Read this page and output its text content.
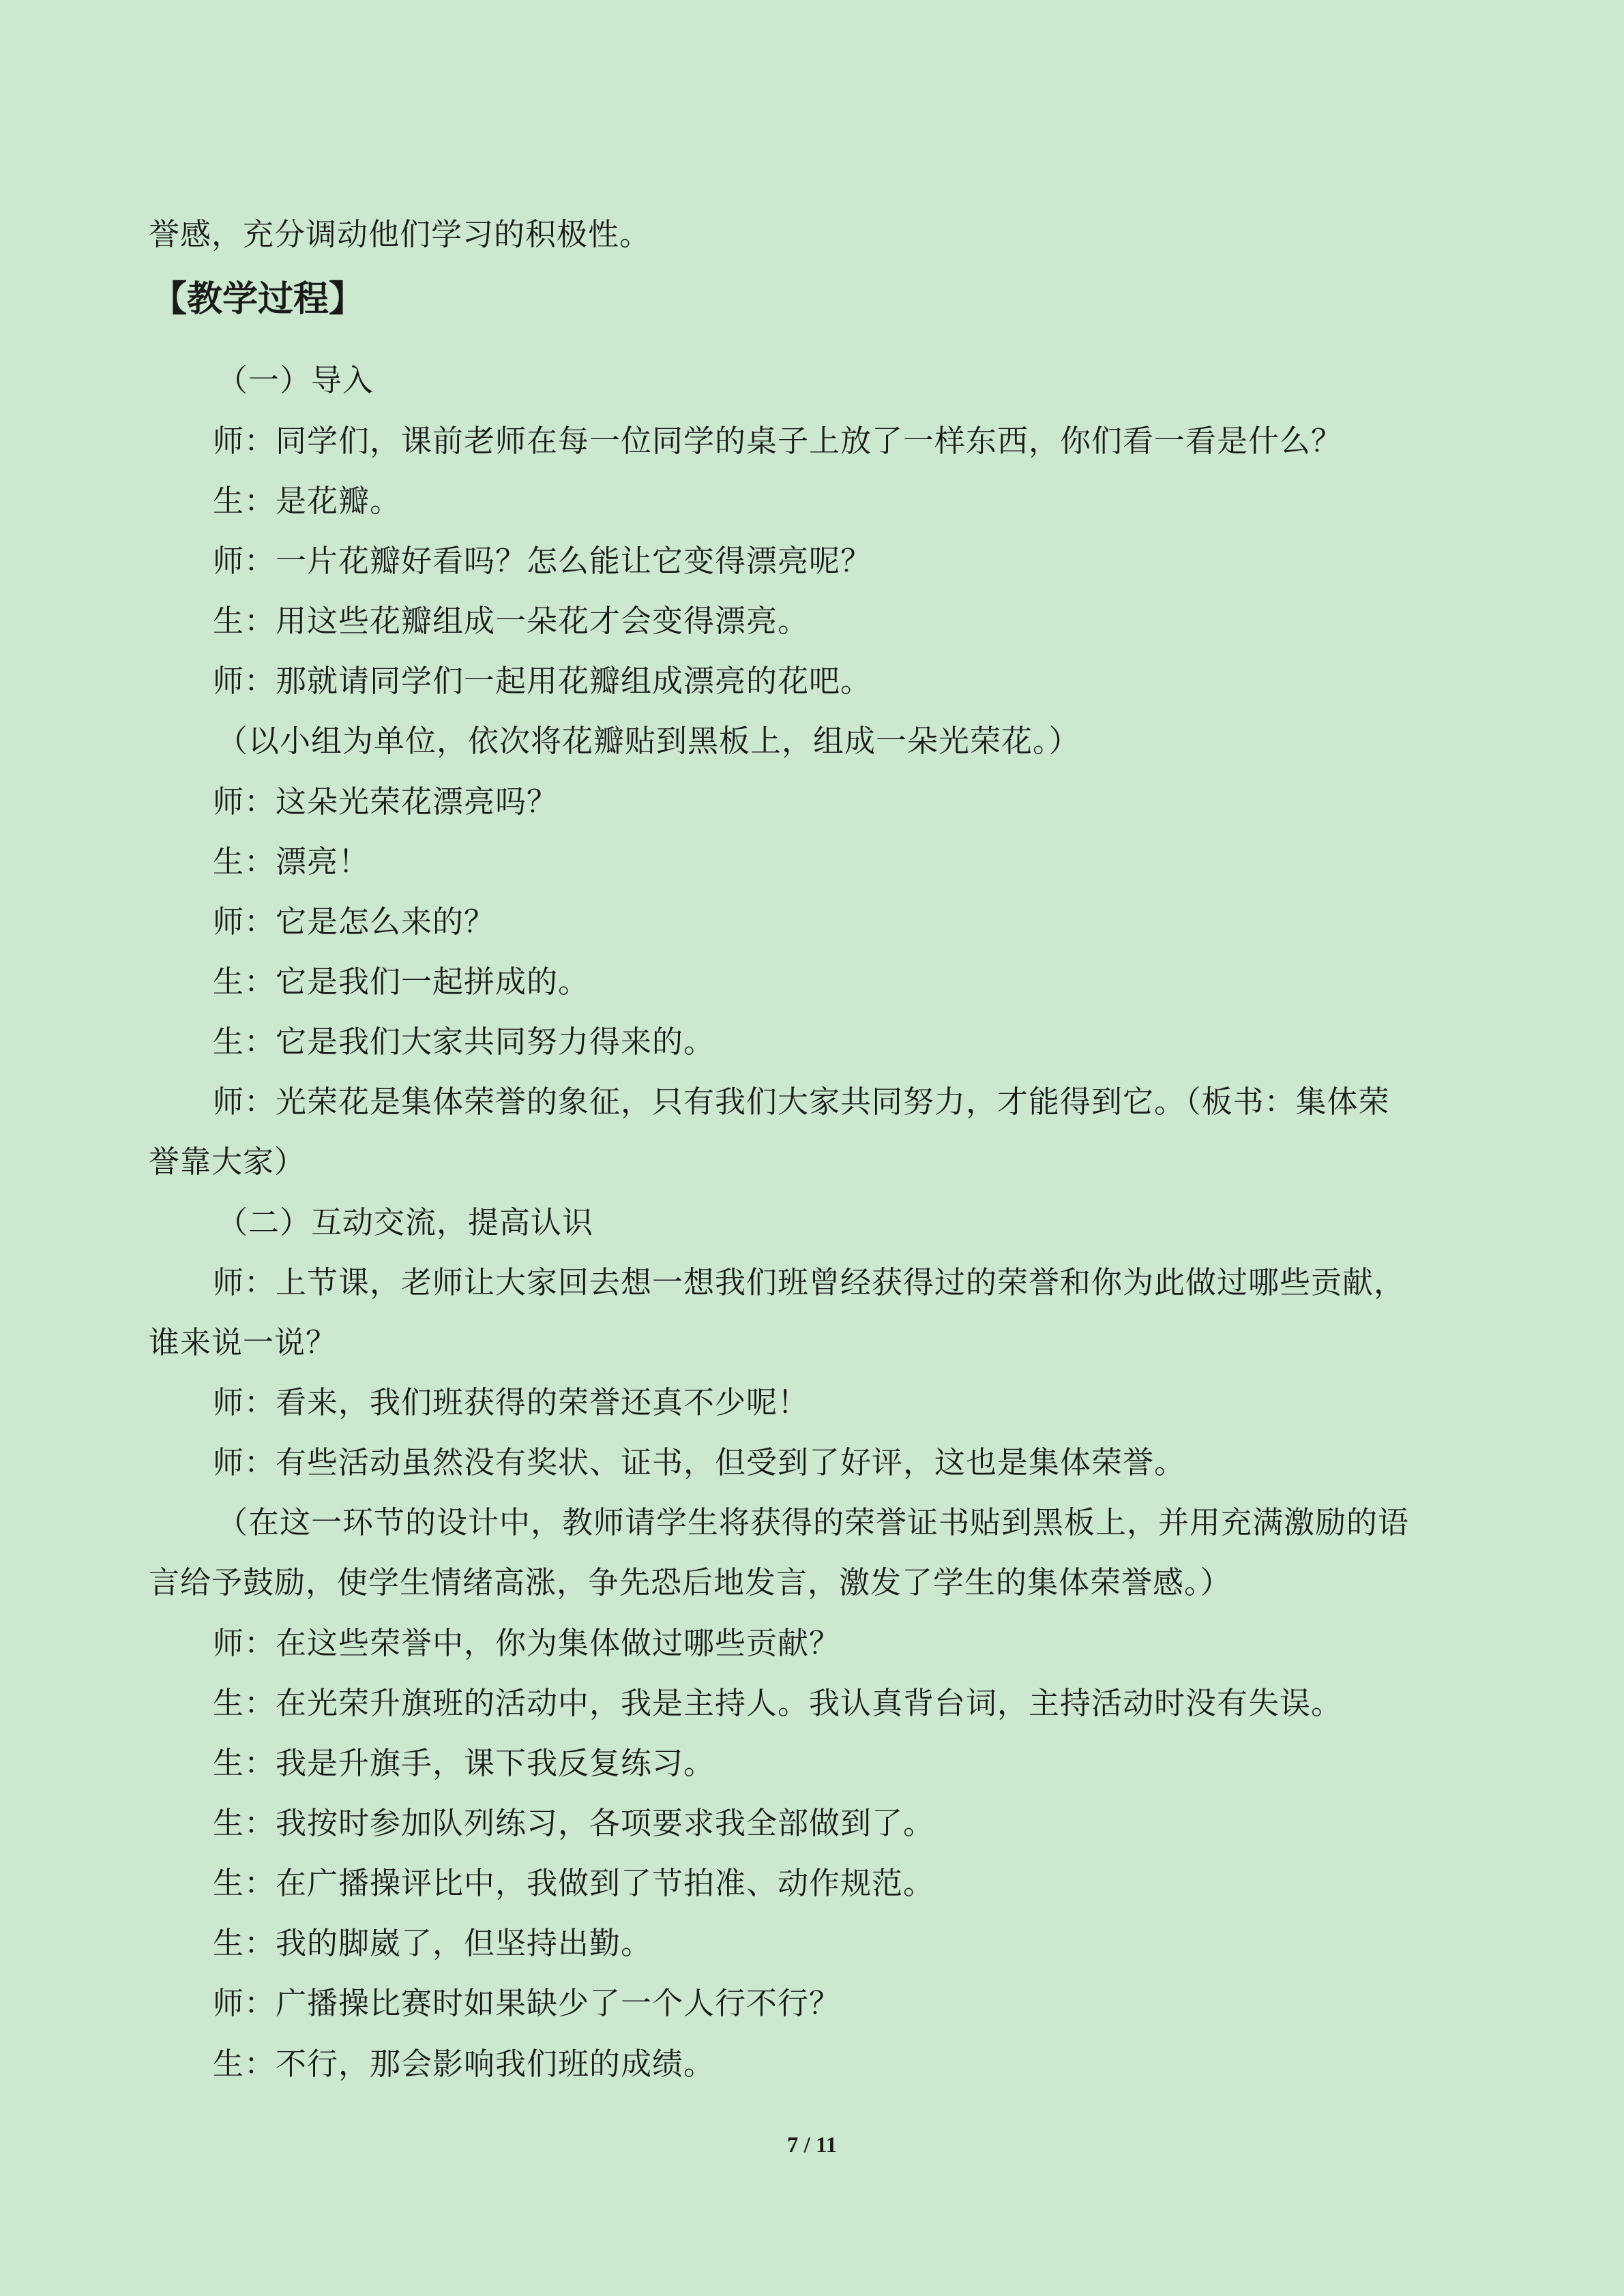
誉感，充分调动他们学习的积极性。
【教学过程】
（一）导入
师：同学们，课前老师在每一位同学的桌子上放了一样东西，你们看一看是什么？
生：是花瓣。
师：一片花瓣好看吗？怎么能让它变得漂亮呢？
生：用这些花瓣组成一朵花才会变得漂亮。
师：那就请同学们一起用花瓣组成漂亮的花吧。
（以小组为单位，依次将花瓣贴到黑板上，组成一朵光荣花。）
师：这朵光荣花漂亮吗？
生：漂亮！
师：它是怎么来的？
生：它是我们一起拼成的。
生：它是我们大家共同努力得来的。
师：光荣花是集体荣誉的象征，只有我们大家共同努力，才能得到它。（板书：集体荣
誉靠大家）
（二）互动交流，提高认识
师：上节课，老师让大家回去想一想我们班曾经获得过的荣誉和你为此做过哪些贡献，
谁来说一说？
师：看来，我们班获得的荣誉还真不少呢！
师：有些活动虽然没有奖状、证书，但受到了好评，这也是集体荣誉。
（在这一环节的设计中，教师请学生将获得的荣誉证书贴到黑板上，并用充满激励的语
言给予鼓励，使学生情绪高涨，争先恐后地发言，激发了学生的集体荣誉感。）
师：在这些荣誉中，你为集体做过哪些贡献？
生：在光荣升旗班的活动中，我是主持人。我认真背台词，主持活动时没有失误。
生：我是升旗手，课下我反复练习。
生：我按时参加队列练习，各项要求我全部做到了。
生：在广播操评比中，我做到了节拍准、动作规范。
生：我的脚崴了，但坚持出勤。
师：广播操比赛时如果缺少了一个人行不行？
生：不行，那会影响我们班的成绩。
7 / 11
